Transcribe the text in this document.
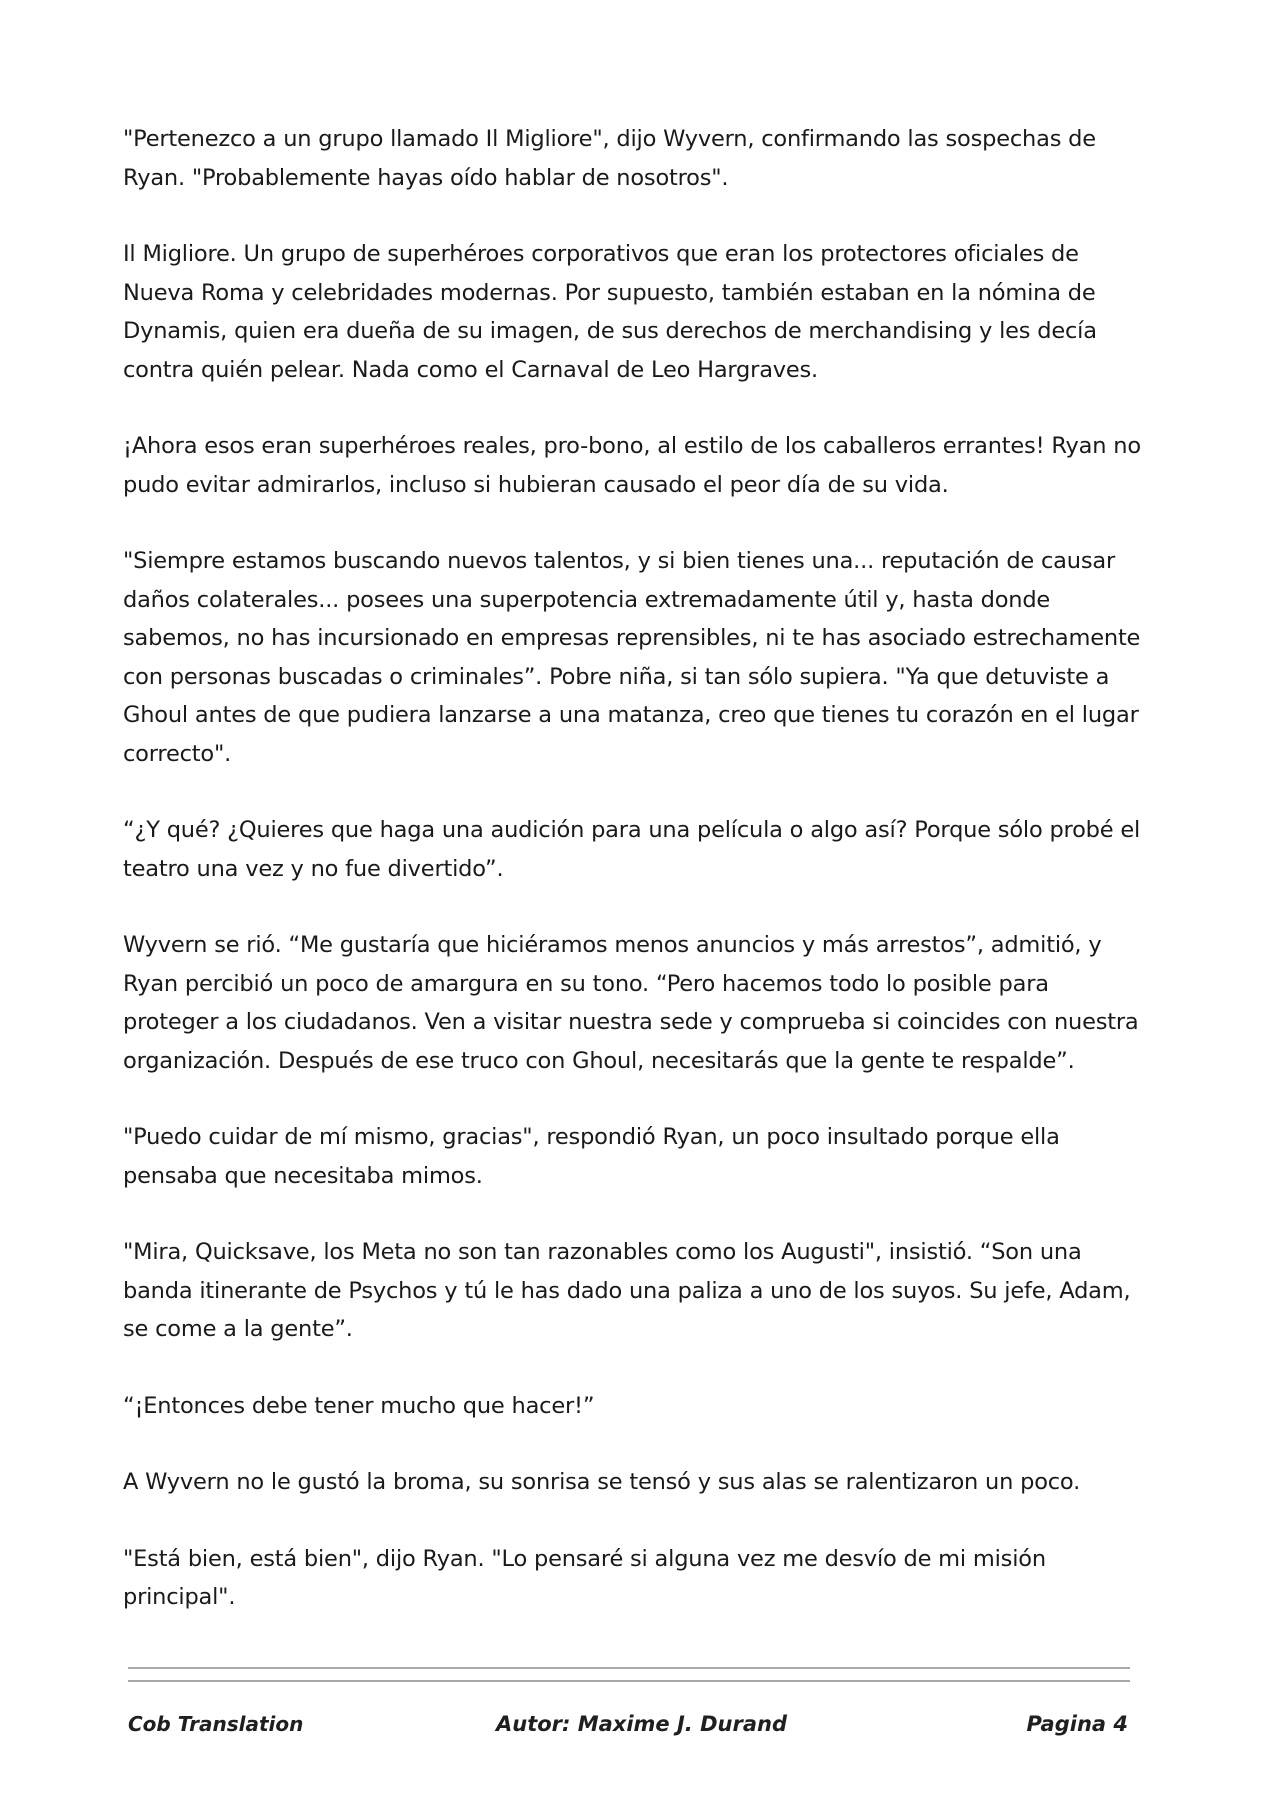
"Pertenezco a un grupo llamado Il Migliore", dijo Wyvern, confirmando las sospechas de Ryan. "Probablemente hayas oído hablar de nosotros".

Il Migliore. Un grupo de superhéroes corporativos que eran los protectores oficiales de Nueva Roma y celebridades modernas. Por supuesto, también estaban en la nómina de Dynamis, quien era dueña de su imagen, de sus derechos de merchandising y les decía contra quién pelear. Nada como el Carnaval de Leo Hargraves.

¡Ahora esos eran superhéroes reales, pro-bono, al estilo de los caballeros errantes! Ryan no pudo evitar admirarlos, incluso si hubieran causado el peor día de su vida.

"Siempre estamos buscando nuevos talentos, y si bien tienes una... reputación de causar daños colaterales... posees una superpotencia extremadamente útil y, hasta donde sabemos, no has incursionado en empresas reprensibles, ni te has asociado estrechamente con personas buscadas o criminales”. Pobre niña, si tan sólo supiera. "Ya que detuviste a Ghoul antes de que pudiera lanzarse a una matanza, creo que tienes tu corazón en el lugar correcto".

“¿Y qué? ¿Quieres que haga una audición para una película o algo así? Porque sólo probé el teatro una vez y no fue divertido”.

Wyvern se rió. “Me gustaría que hiciéramos menos anuncios y más arrestos”, admitió, y Ryan percibió un poco de amargura en su tono. “Pero hacemos todo lo posible para proteger a los ciudadanos. Ven a visitar nuestra sede y comprueba si coincides con nuestra organización. Después de ese truco con Ghoul, necesitarás que la gente te respalde”.

"Puedo cuidar de mí mismo, gracias", respondió Ryan, un poco insultado porque ella pensaba que necesitaba mimos.

"Mira, Quicksave, los Meta no son tan razonables como los Augusti", insistió. “Son una banda itinerante de Psychos y tú le has dado una paliza a uno de los suyos. Su jefe, Adam, se come a la gente”.

“¡Entonces debe tener mucho que hacer!”

A Wyvern no le gustó la broma, su sonrisa se tensó y sus alas se ralentizaron un poco.

"Está bien, está bien", dijo Ryan. "Lo pensaré si alguna vez me desvío de mi misión principal".

Cob Translation	Autor: Maxime J. Durand	Pagina 4
